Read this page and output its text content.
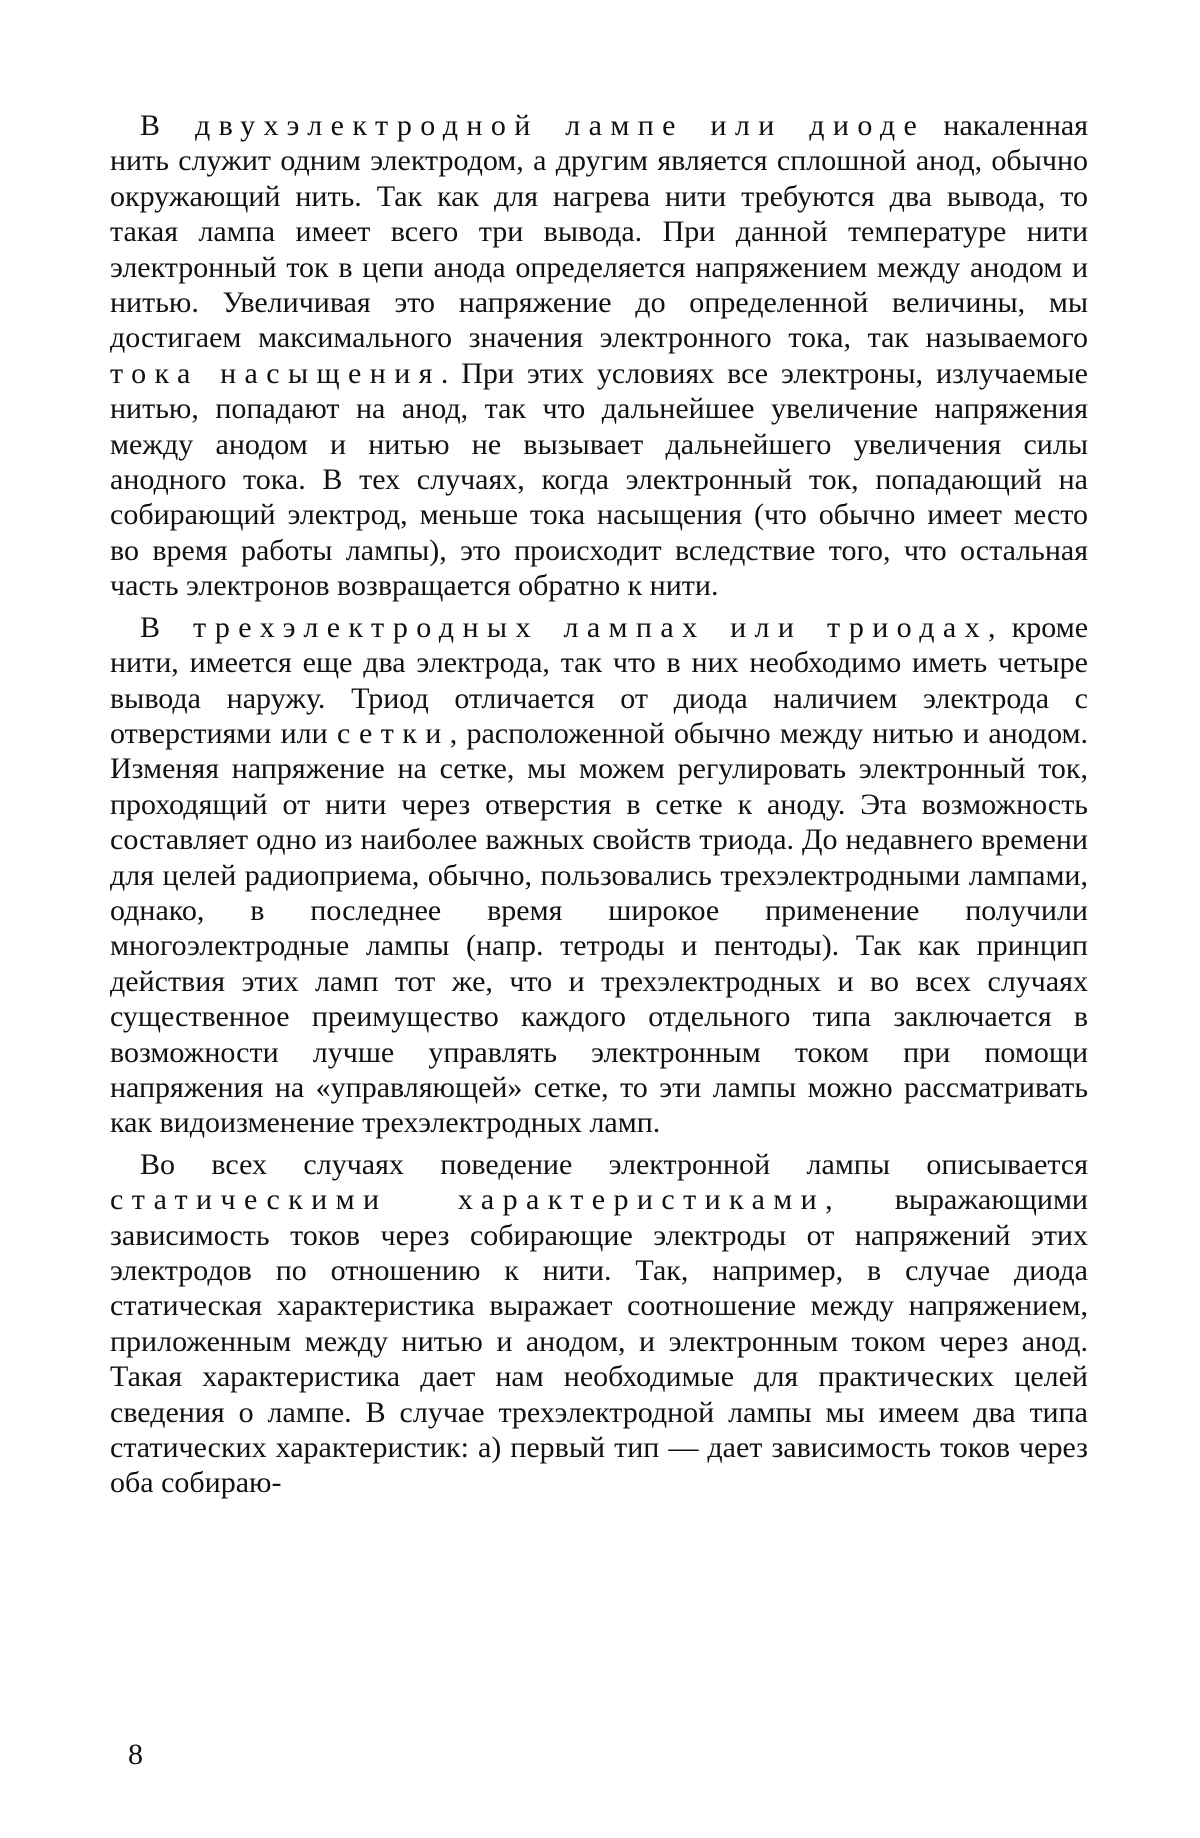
В двухэлектродной лампе или диоде накаленная нить служит одним электродом, а другим является сплошной анод, обычно окружающий нить. Так как для нагрева нити требуются два вывода, то такая лампа имеет всего три вывода. При данной температуре нити электронный ток в цепи анода определяется напряжением между анодом и нитью. Увеличивая это напряжение до определенной величины, мы достигаем максимального значения электронного тока, так называемого тока насыщения. При этих условиях все электроны, излучаемые нитью, попадают на анод, так что дальнейшее увеличение напряжения между анодом и нитью не вызывает дальнейшего увеличения силы анодного тока. В тех случаях, когда электронный ток, попадающий на собирающий электрод, меньше тока насыщения (что обычно имеет место во время работы лампы), это происходит вследствие того, что остальная часть электронов возвращается обратно к нити.

В трехэлектродных лампах или триодах, кроме нити, имеется еще два электрода, так что в них необходимо иметь четыре вывода наружу. Триод отличается от диода наличием электрода с отверстиями или сетки, расположенной обычно между нитью и анодом. Изменяя напряжение на сетке, мы можем регулировать электронный ток, проходящий от нити через отверстия в сетке к аноду. Эта возможность составляет одно из наиболее важных свойств триода. До недавнего времени для целей радиоприема, обычно, пользовались трехэлектродными лампами, однако, в последнее время широкое применение получили многоэлектродные лампы (напр. тетроды и пентоды). Так как принцип действия этих ламп тот же, что и трехэлектродных и во всех случаях существенное преимущество каждого отдельного типа заключается в возможности лучше управлять электронным током при помощи напряжения на «управляющей» сетке, то эти лампы можно рассматривать как видоизменение трехэлектродных ламп.

Во всех случаях поведение электронной лампы описывается статическими характеристиками, выражающими зависимость токов через собирающие электроды от напряжений этих электродов по отношению к нити. Так, например, в случае диода статическая характеристика выражает соотношение между напряжением, приложенным между нитью и анодом, и электронным током через анод. Такая характеристика дает нам необходимые для практических целей сведения о лампе. В случае трехэлектродной лампы мы имеем два типа статических характеристик: а) первый тип — дает зависимость токов через оба собираю-

8
